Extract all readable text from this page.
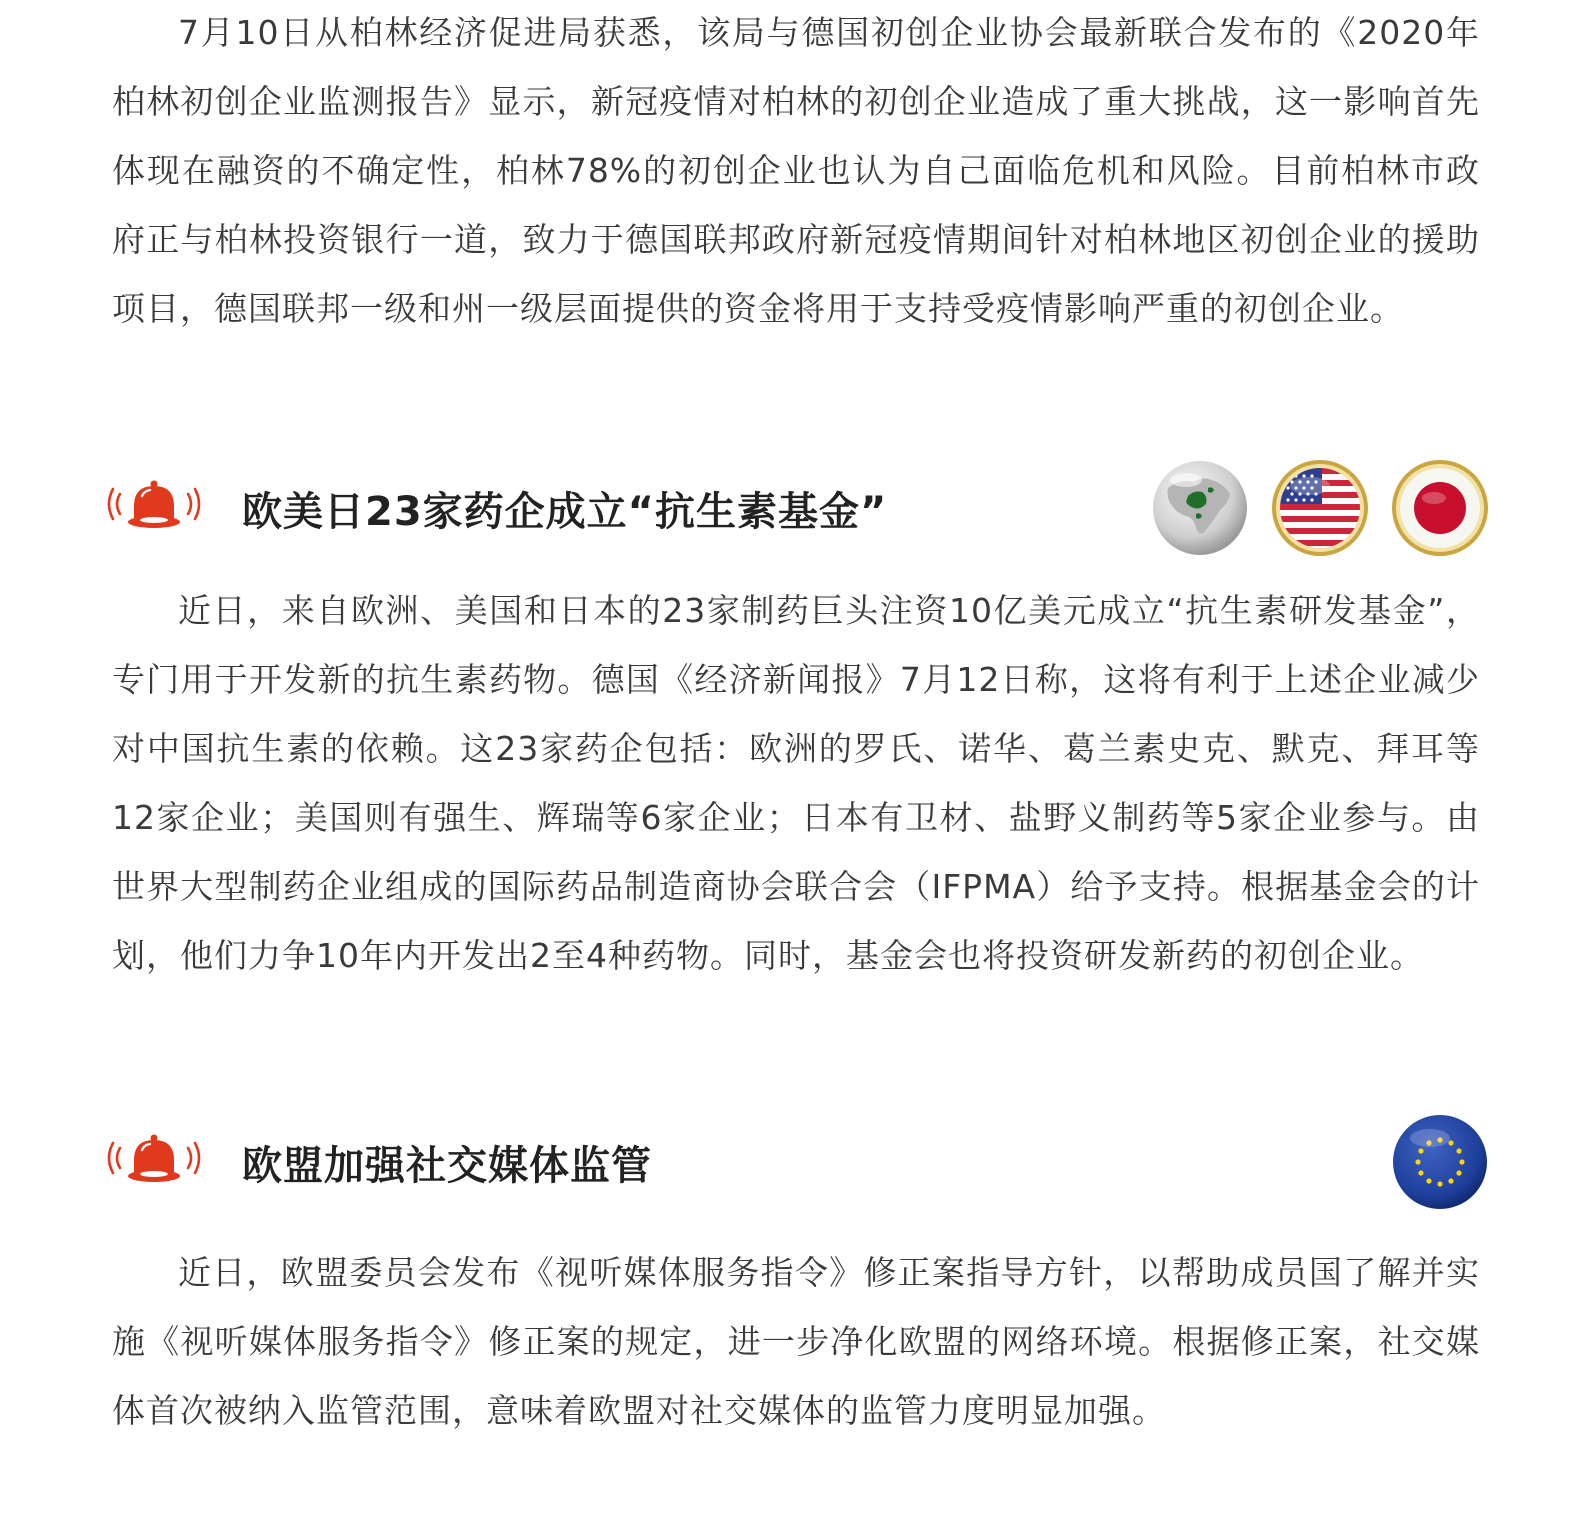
7月10日从柏林经济促进局获悉，该局与德国初创企业协会最新联合发布的《2020年柏林初创企业监测报告》显示，新冠疫情对柏林的初创企业造成了重大挑战，这一影响首先体现在融资的不确定性，柏林78%的初创企业也认为自己面临危机和风险。目前柏林市政府正与柏林投资银行一道，致力于德国联邦政府新冠疫情期间针对柏林地区初创企业的援助项目，德国联邦一级和州一级层面提供的资金将用于支持受疫情影响严重的初创企业。

欧美日23家药企成立“抗生素基金”

近日，来自欧洲、美国和日本的23家制药巨头注资10亿美元成立“抗生素研发基金”，专门用于开发新的抗生素药物。德国《经济新闻报》7月12日称，这将有利于上述企业减少对中国抗生素的依赖。这23家药企包括：欧洲的罗氏、诺华、葛兰素史克、默克、拜耳等12家企业；美国则有强生、辉瑞等6家企业；日本有卫材、盐野义制药等5家企业参与。由世界大型制药企业组成的国际药品制造商协会联合会（IFPMA）给予支持。根据基金会的计划，他们力争10年内开发出2至4种药物。同时，基金会也将投资研发新药的初创企业。

欧盟加强社交媒体监管

近日，欧盟委员会发布《视听媒体服务指令》修正案指导方针，以帮助成员国了解并实施《视听媒体服务指令》修正案的规定，进一步净化欧盟的网络环境。根据修正案，社交媒体首次被纳入监管范围，意味着欧盟对社交媒体的监管力度明显加强。
